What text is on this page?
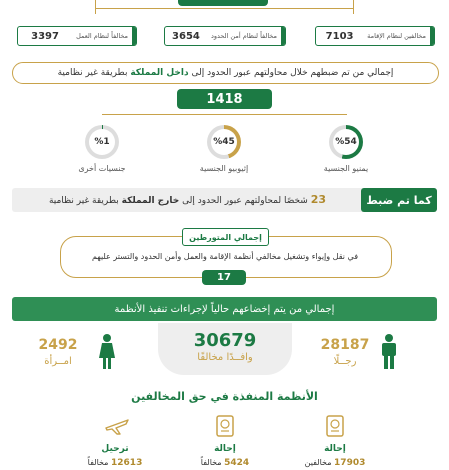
مخالفين لنظام الإقامة
7103
مخالفاً لنظام أمن الحدود
3654
مخالفاً لنظام العمل
3397
إجمالي من تم ضبطهم خلال محاولتهم عبور الحدود إلى

داخل المملكة

بطريقة غير نظامية
1418
%54
يمنيو الجنسية
%45
إثيوبيو الجنسية
%1
جنسيات أخرى
كما تم ضبط
23 شخصًا لمحاولتهم عبور الحدود إلى خارج المملكة بطريقة غير نظامية
إجمالي المتورطين
في نقل وإيواء وتشغيل مخالفي أنظمة الإقامة والعمل وأمن الحدود والتستر عليهم
17
إجمالي من يتم إخضاعهم حالياً لإجراءات تنفيذ الأنظمة
30679
وافــدًا مخالفًا
28187
رجــلًا
2492
امــرأة
الأنظمة المنفذة في حق المخالفين
إحالة
17903 مخالفين
إحالة
5424 مخالفاً
ترحيل
12613 مخالفاً
